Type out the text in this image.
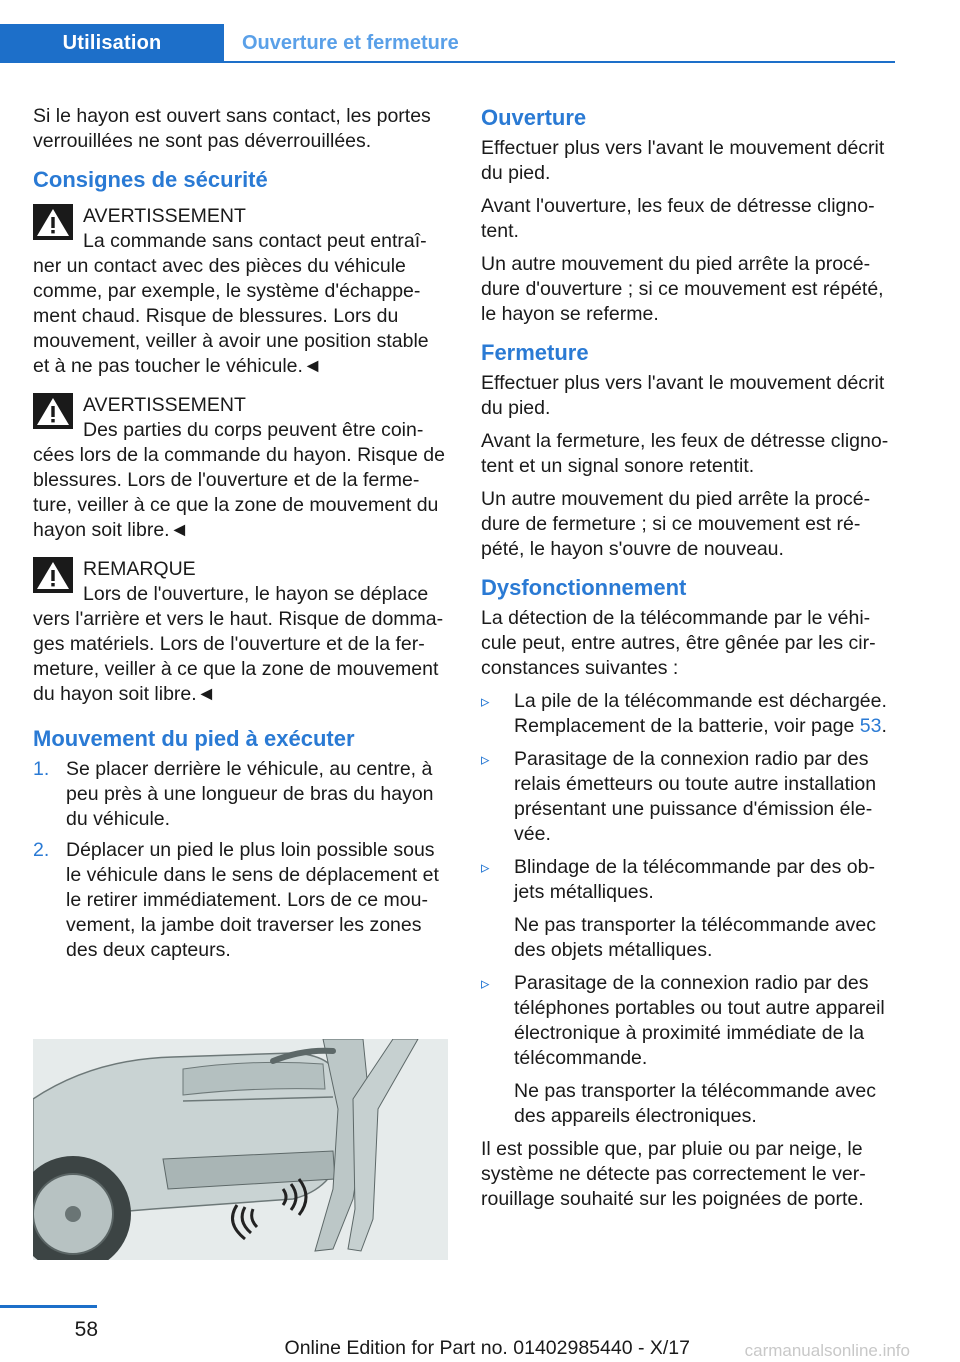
Utilisation	Ouverture et fermeture

Si le hayon est ouvert sans contact, les portes verrouillées ne sont pas déverrouillées.

Consignes de sécurité
AVERTISSEMENT
La commande sans contact peut entraîner un contact avec des pièces du véhicule comme, par exemple, le système d'échappement chaud. Risque de blessures. Lors du mouvement, veiller à avoir une position stable et à ne pas toucher le véhicule.◄
AVERTISSEMENT
Des parties du corps peuvent être coincées lors de la commande du hayon. Risque de blessures. Lors de l'ouverture et de la fermeture, veiller à ce que la zone de mouvement du hayon soit libre.◄
REMARQUE
Lors de l'ouverture, le hayon se déplace vers l'arrière et vers le haut. Risque de dommages matériels. Lors de l'ouverture et de la fermeture, veiller à ce que la zone de mouvement du hayon soit libre.◄
Mouvement du pied à exécuter
1. Se placer derrière le véhicule, au centre, à peu près à une longueur de bras du hayon du véhicule.
2. Déplacer un pied le plus loin possible sous le véhicule dans le sens de déplacement et le retirer immédiatement. Lors de ce mouvement, la jambe doit traverser les zones des deux capteurs.
Ouverture

Effectuer plus vers l'avant le mouvement décrit du pied.

Avant l'ouverture, les feux de détresse clignotent.

Un autre mouvement du pied arrête la procédure d'ouverture ; si ce mouvement est répété, le hayon se referme.

Fermeture

Effectuer plus vers l'avant le mouvement décrit du pied.

Avant la fermeture, les feux de détresse clignotent et un signal sonore retentit.

Un autre mouvement du pied arrête la procédure de fermeture ; si ce mouvement est répété, le hayon s'ouvre de nouveau.

Dysfonctionnement

La détection de la télécommande par le véhicule peut, entre autres, être gênée par les circonstances suivantes :

▹ La pile de la télécommande est déchargée. Remplacement de la batterie, voir page 53.
▹ Parasitage de la connexion radio par des relais émetteurs ou toute autre installation présentant une puissance d'émission élevée.
▹ Blindage de la télécommande par des objets métalliques.

Ne pas transporter la télécommande avec des objets métalliques.

▹ Parasitage de la connexion radio par des téléphones portables ou tout autre appareil électronique à proximité immédiate de la télécommande.

Ne pas transporter la télécommande avec des appareils électroniques.

Il est possible que, par pluie ou par neige, le système ne détecte pas correctement le verrouillage souhaité sur les poignées de porte.

58
Online Edition for Part no. 01402985440 - X/17	carmanualsonline.info
